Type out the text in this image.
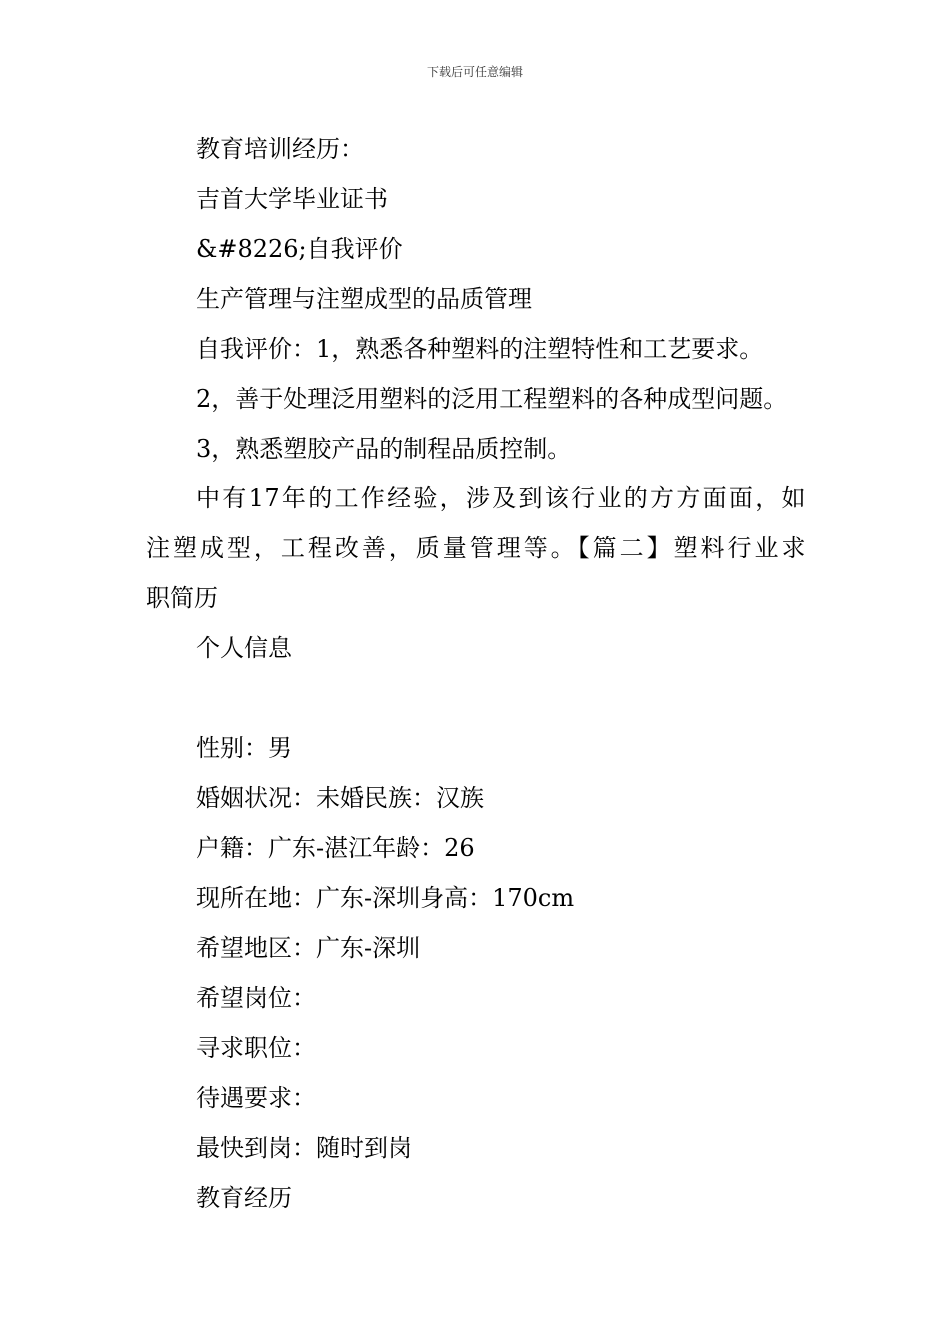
下载后可任意编辑
教育培训经历：
吉首大学毕业证书
&#8226;自我评价
生产管理与注塑成型的品质管理
自我评价：1，熟悉各种塑料的注塑特性和工艺要求。
2，善于处理泛用塑料的泛用工程塑料的各种成型问题。
3，熟悉塑胶产品的制程品质控制。
中有17年的工作经验，涉及到该行业的方方面面，如
注塑成型，工程改善，质量管理等。【篇二】塑料行业求
职简历
个人信息
性别：男
婚姻状况：未婚民族：汉族
户籍：广东-湛江年龄：26
现所在地：广东-深圳身高：170cm
希望地区：广东-深圳
希望岗位：
寻求职位：
待遇要求：
最快到岗：随时到岗
教育经历
